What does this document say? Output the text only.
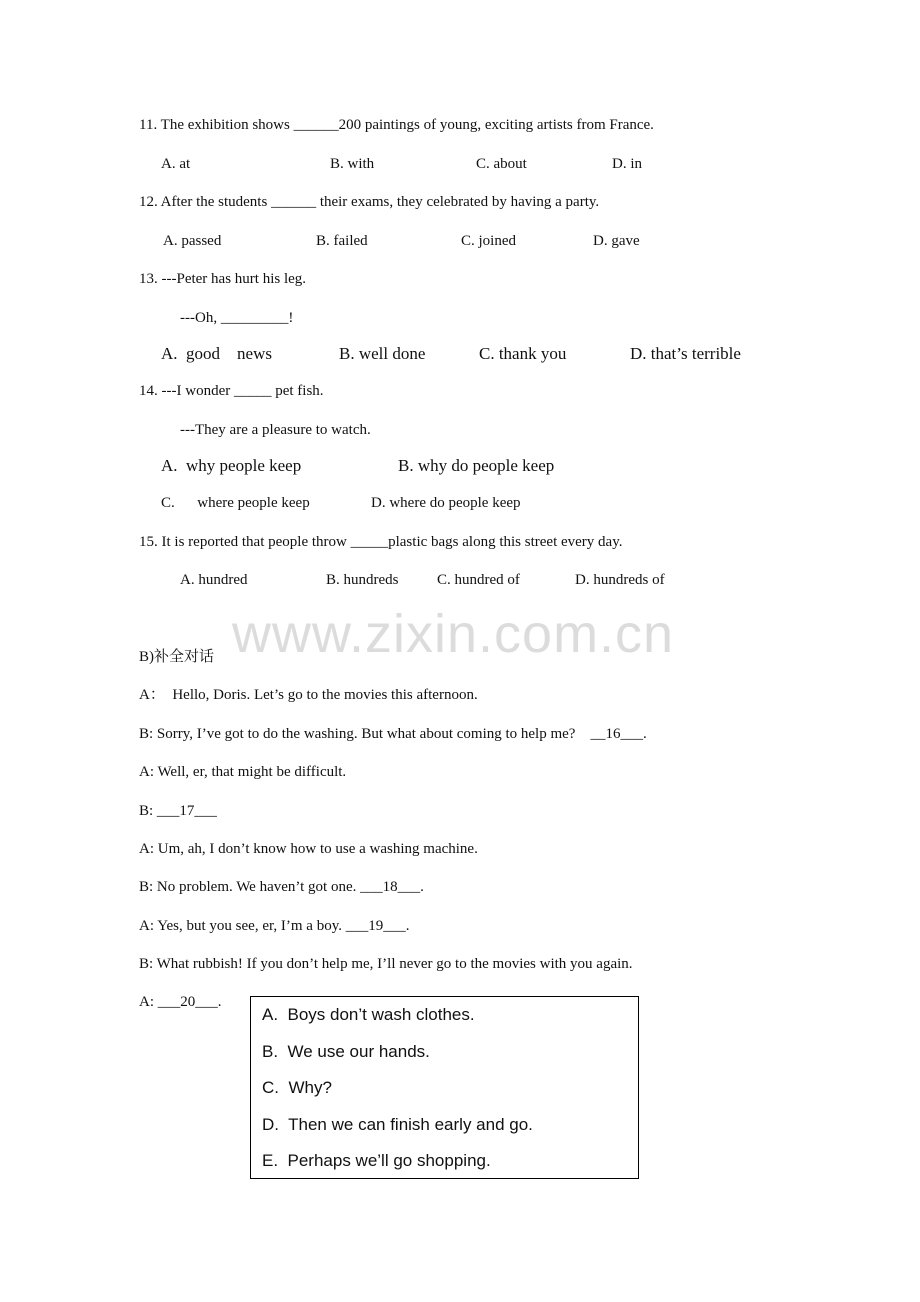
11. The exhibition shows ______200 paintings of young, exciting artists from France.
A. at	B. with	C. about	D. in
12. After the students ______ their exams, they celebrated by having a party.
A. passed	B. failed	C. joined	D. gave
13. ---Peter has hurt his leg.
---Oh, _________!
A.  good    news	B. well done	C. thank you	D. that’s terrible
14. ---I wonder _____ pet fish.
---They are a pleasure to watch.
A.  why people keep	B. why do people keep
C.      where people keep	D. where do people keep
15. It is reported that people throw _____plastic bags along this street every day.
A. hundred	B. hundreds	C. hundred of	D. hundreds of
www.zixin.com.cn
B)补全对话
A：  Hello, Doris. Let’s go to the movies this afternoon.
B: Sorry, I’ve got to do the washing. But what about coming to help me?    __16___.
A: Well, er, that might be difficult.
B: ___17___
A: Um, ah, I don’t know how to use a washing machine.
B: No problem. We haven’t got one. ___18___.
A: Yes, but you see, er, I’m a boy. ___19___.
B: What rubbish! If you don’t help me, I’ll never go to the movies with you again.
A: ___20___.
A.  Boys don’t wash clothes.
B.  We use our hands.
C.  Why?
D.  Then we can finish early and go.
E.  Perhaps we’ll go shopping.
